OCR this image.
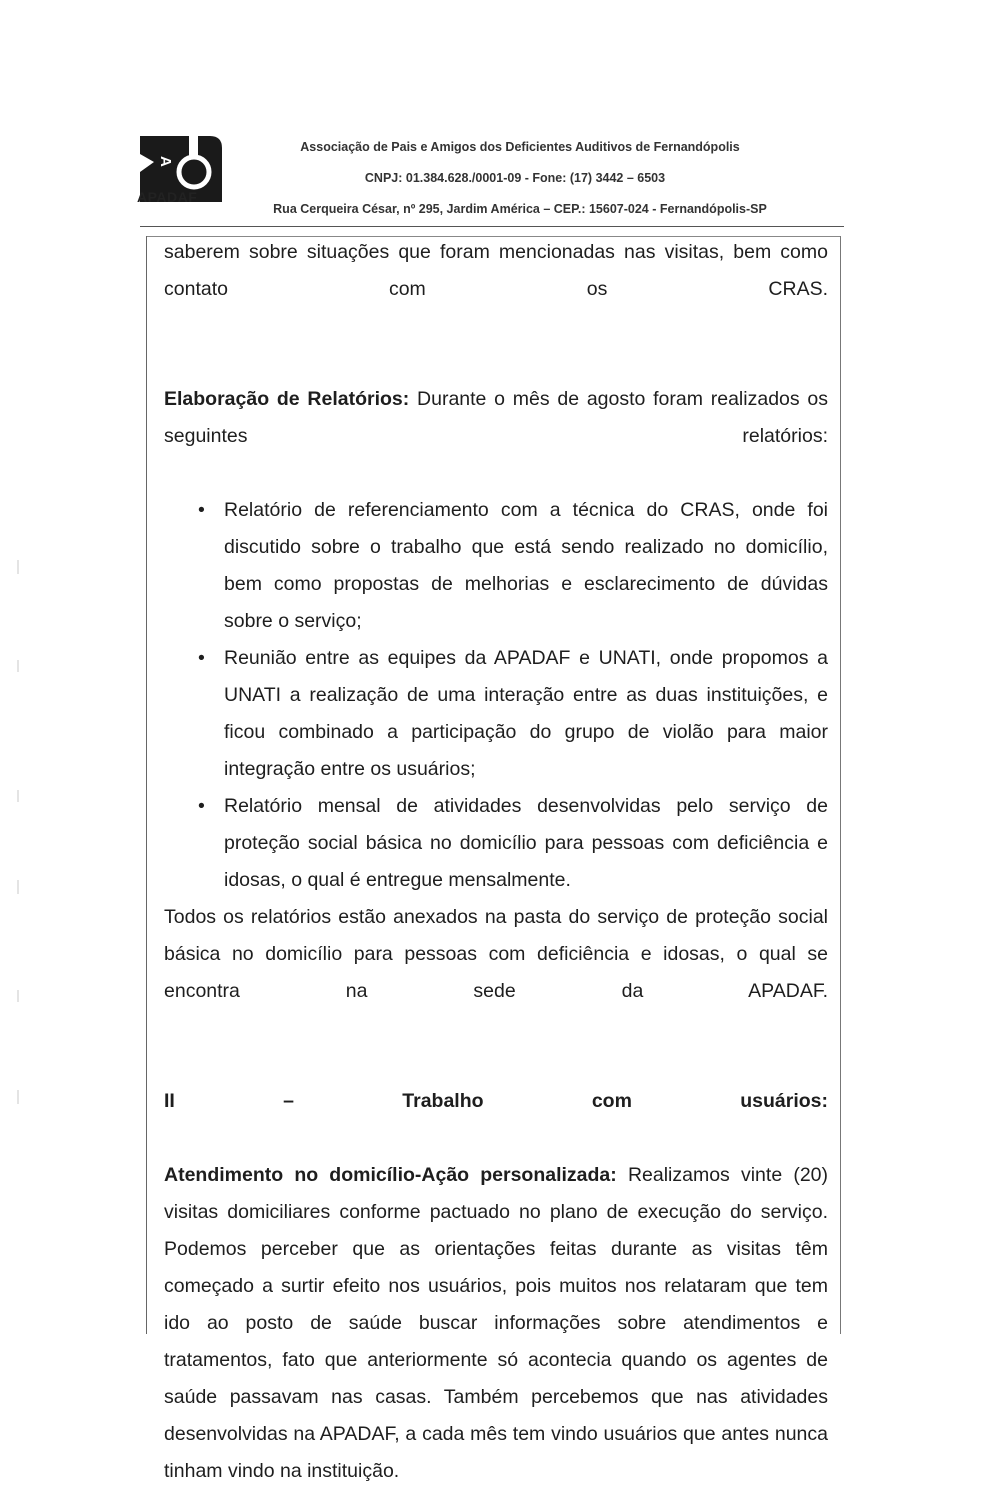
A
APADAF
Associação de Pais e Amigos dos Deficientes Auditivos de Fernandópolis
CNPJ: 01.384.628./0001-09 - Fone: (17) 3442 – 6503
Rua Cerqueira César, nº 295, Jardim América – CEP.: 15607-024 - Fernandópolis-SP

saberem sobre situações que foram mencionadas nas visitas, bem como contato com os CRAS.

Elaboração de Relatórios: Durante o mês de agosto foram realizados os seguintes relatórios:

• Relatório de referenciamento com a técnica do CRAS, onde foi discutido sobre o trabalho que está sendo realizado no domicílio, bem como propostas de melhorias e esclarecimento de dúvidas sobre o serviço;
• Reunião entre as equipes da APADAF e UNATI, onde propomos a UNATI a realização de uma interação entre as duas instituições, e ficou combinado a participação do grupo de violão para maior integração entre os usuários;
• Relatório mensal de atividades desenvolvidas pelo serviço de proteção social básica no domicílio para pessoas com deficiência e idosas, o qual é entregue mensalmente.

Todos os relatórios estão anexados na pasta do serviço de proteção social básica no domicílio para pessoas com deficiência e idosas, o qual se encontra na sede da APADAF.

II – Trabalho com usuários:

Atendimento no domicílio-Ação personalizada: Realizamos vinte (20) visitas domiciliares conforme pactuado no plano de execução do serviço. Podemos perceber que as orientações feitas durante as visitas têm começado a surtir efeito nos usuários, pois muitos nos relataram que tem ido ao posto de saúde buscar informações sobre atendimentos e tratamentos, fato que anteriormente só acontecia quando os agentes de saúde passavam nas casas. Também percebemos que nas atividades desenvolvidas na APADAF, a cada mês tem vindo usuários que antes nunca tinham vindo na instituição.
